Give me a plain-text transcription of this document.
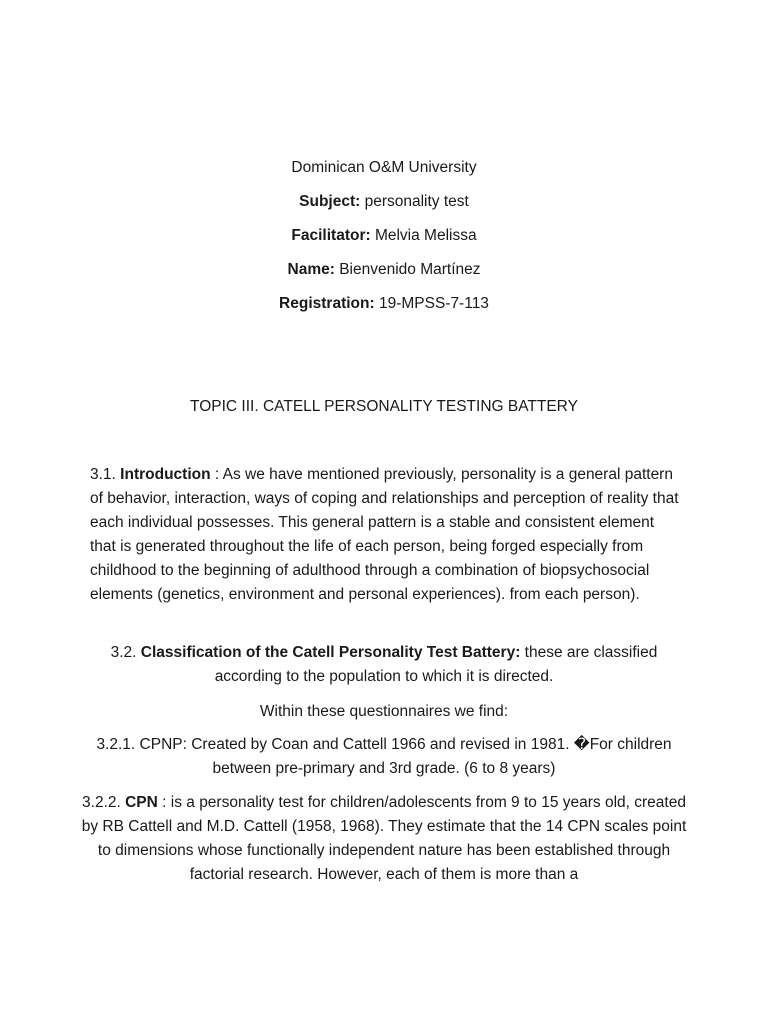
Dominican O&M University
Subject: personality test
Facilitator: Melvia Melissa
Name: Bienvenido Martínez
Registration: 19-MPSS-7-113
TOPIC III. CATELL PERSONALITY TESTING BATTERY
3.1. Introduction : As we have mentioned previously, personality is a general pattern of behavior, interaction, ways of coping and relationships and perception of reality that each individual possesses. This general pattern is a stable and consistent element that is generated throughout the life of each person, being forged especially from childhood to the beginning of adulthood through a combination of biopsychosocial elements (genetics, environment and personal experiences). from each person).
3.2. Classification of the Catell Personality Test Battery: these are classified according to the population to which it is directed.
Within these questionnaires we find:
3.2.1. CPNP: Created by Coan and Cattell 1966 and revised in 1981. �For children between pre-primary and 3rd grade. (6 to 8 years)
3.2.2. CPN : is a personality test for children/adolescents from 9 to 15 years old, created by RB Cattell and M.D. Cattell (1958, 1968). They estimate that the 14 CPN scales point to dimensions whose functionally independent nature has been established through factorial research. However, each of them is more than a
